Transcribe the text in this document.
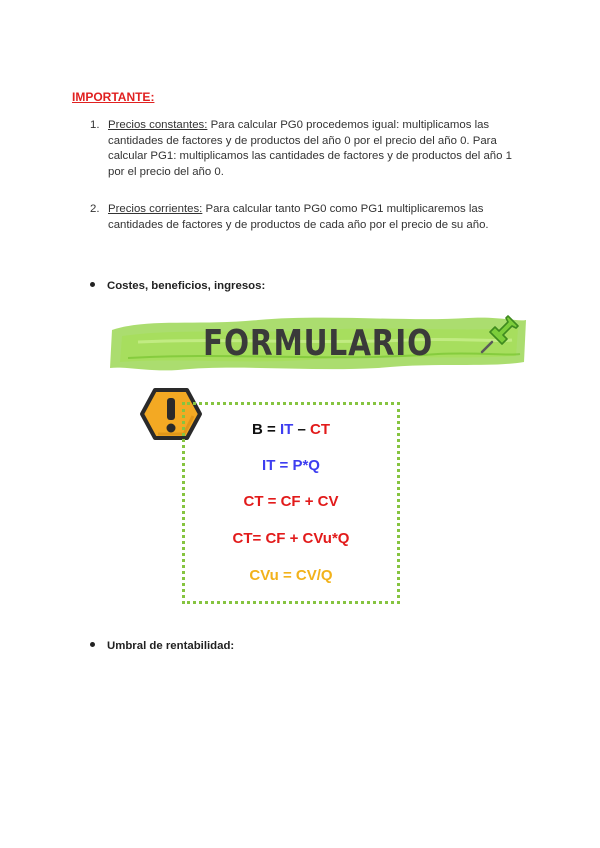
IMPORTANTE:
1. Precios constantes: Para calcular PG0 procedemos igual: multiplicamos las cantidades de factores y de productos del año 0 por el precio del año 0. Para calcular PG1: multiplicamos las cantidades de factores y de productos del año 1 por el precio del año 0.
2. Precios corrientes: Para calcular tanto PG0 como PG1 multiplicaremos las cantidades de factores y de productos de cada año por el precio de su año.
Costes, beneficios, ingresos:
FORMULARIO
B = IT – CT
IT = P*Q
CT = CF + CV
CT= CF + CVu*Q
CVu = CV/Q
Umbral de rentabilidad:
